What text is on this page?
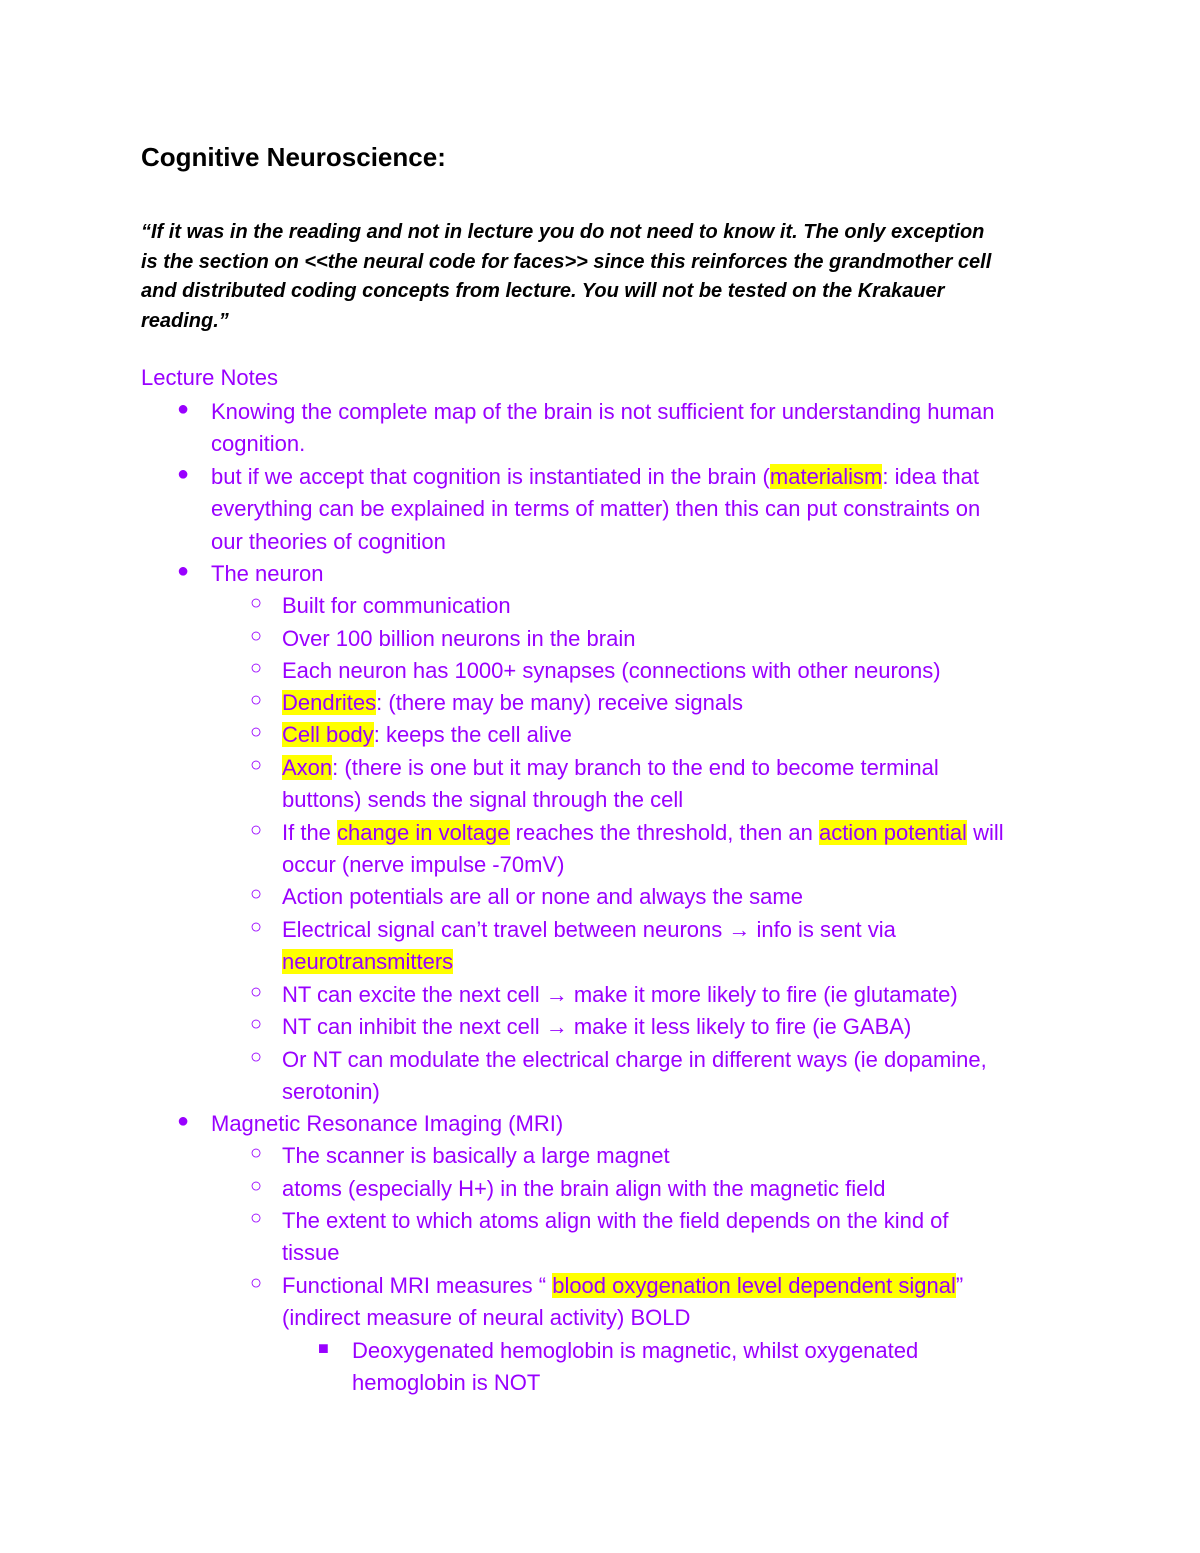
Cognitive Neuroscience:

“If it was in the reading and not in lecture you do not need to know it. The only exception
is the section on <<the neural code for faces>> since this reinforces the grandmother cell
and distributed coding concepts from lecture. You will not be tested on the Krakauer
reading.”

Lecture Notes
● Knowing the complete map of the brain is not sufficient for understanding human
cognition.
● but if we accept that cognition is instantiated in the brain (materialism: idea that
everything can be explained in terms of matter) then this can put constraints on
our theories of cognition
● The neuron
○ Built for communication
○ Over 100 billion neurons in the brain
○ Each neuron has 1000+ synapses (connections with other neurons)
○ Dendrites: (there may be many) receive signals
○ Cell body: keeps the cell alive
○ Axon: (there is one but it may branch to the end to become terminal
buttons) sends the signal through the cell
○ If the change in voltage reaches the threshold, then an action potential will
occur (nerve impulse -70mV)
○ Action potentials are all or none and always the same
○ Electrical signal can’t travel between neurons → info is sent via
neurotransmitters
○ NT can excite the next cell → make it more likely to fire (ie glutamate)
○ NT can inhibit the next cell → make it less likely to fire (ie GABA)
○ Or NT can modulate the electrical charge in different ways (ie dopamine,
serotonin)
● Magnetic Resonance Imaging (MRI)
○ The scanner is basically a large magnet
○ atoms (especially H+) in the brain align with the magnetic field
○ The extent to which atoms align with the field depends on the kind of
tissue
○ Functional MRI measures “ blood oxygenation level dependent signal”
(indirect measure of neural activity) BOLD
■ Deoxygenated hemoglobin is magnetic, whilst oxygenated
hemoglobin is NOT
